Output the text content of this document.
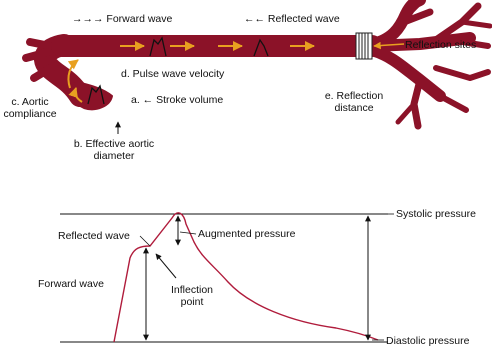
→→→ Forward wave	←← Reflected wave
Reflection sites
d. Pulse wave velocity
a. ← Stroke volume
c. Aortic
compliance
b. Effective aortic
diameter
e. Reflection
distance
Systolic pressure
Augmented pressure
Reflected wave
Forward wave	Inflection
point
Diastolic pressure
